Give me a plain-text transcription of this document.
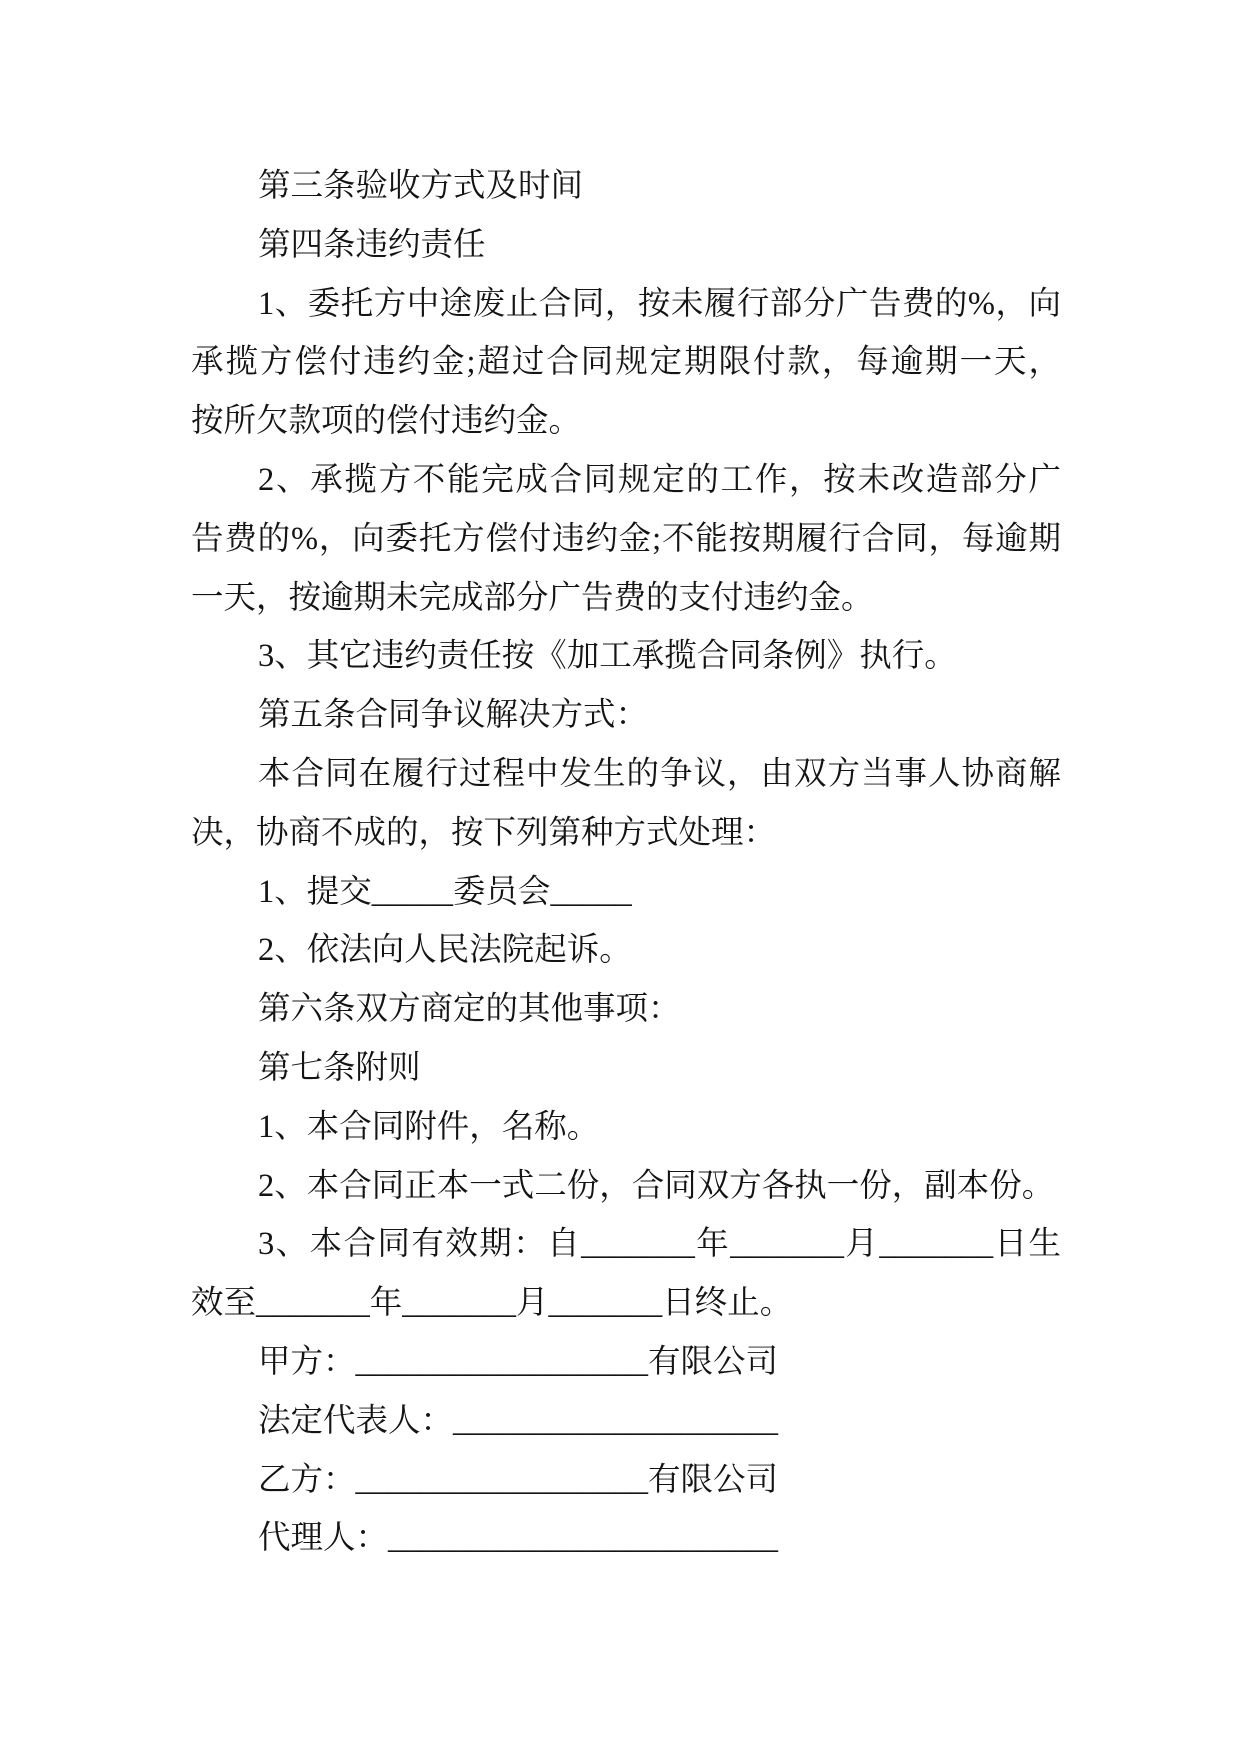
第三条验收方式及时间
第四条违约责任
1、委托方中途废止合同，按未履行部分广告费的%，向
承揽方偿付违约金;超过合同规定期限付款，每逾期一天，
按所欠款项的偿付违约金。
2、承揽方不能完成合同规定的工作，按未改造部分广
告费的%，向委托方偿付违约金;不能按期履行合同，每逾期
一天，按逾期未完成部分广告费的支付违约金。
3、其它违约责任按《加工承揽合同条例》执行。
第五条合同争议解决方式：
本合同在履行过程中发生的争议，由双方当事人协商解
决，协商不成的，按下列第种方式处理：
1、提交_____委员会_____
2、依法向人民法院起诉。
第六条双方商定的其他事项：
第七条附则
1、本合同附件，名称。
2、本合同正本一式二份，合同双方各执一份，副本份。
3、本合同有效期：自_______年_______月_______日生
效至_______年_______月_______日终止。
甲方：__________________有限公司
法定代表人：____________________
乙方：__________________有限公司
代理人：________________________
